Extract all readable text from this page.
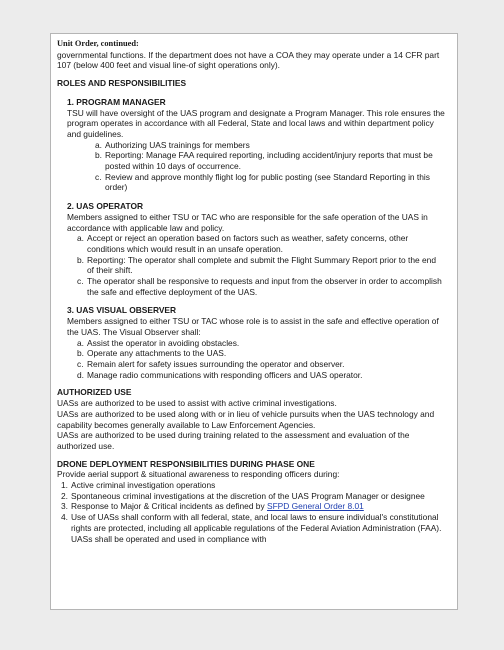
Unit Order, continued:

governmental functions. If the department does not have a COA they may operate under a 14 CFR part 107 (below 400 feet and visual line-of sight operations only).

ROLES AND RESPONSIBILITIES

1. PROGRAM MANAGER

TSU will have oversight of the UAS program and designate a Program Manager. This role ensures the program operates in accordance with all Federal, State and local laws and within department policy and guidelines.

a. Authorizing UAS trainings for members
b. Reporting: Manage FAA required reporting, including accident/injury reports that must be posted within 10 days of occurrence.
c. Review and approve monthly flight log for public posting (see Standard Reporting in this order)

2. UAS OPERATOR

Members assigned to either TSU or TAC who are responsible for the safe operation of the UAS in accordance with applicable law and policy.

a. Accept or reject an operation based on factors such as weather, safety concerns, other conditions which would result in an unsafe operation.
b. Reporting: The operator shall complete and submit the Flight Summary Report prior to the end of their shift.
c. The operator shall be responsive to requests and input from the observer in order to accomplish the safe and effective deployment of the UAS.

3. UAS VISUAL OBSERVER

Members assigned to either TSU or TAC whose role is to assist in the safe and effective operation of the UAS. The Visual Observer shall:

a. Assist the operator in avoiding obstacles.
b. Operate any attachments to the UAS.
c. Remain alert for safety issues surrounding the operator and observer.
d. Manage radio communications with responding officers and UAS operator.

AUTHORIZED USE

UASs are authorized to be used to assist with active criminal investigations.

UASs are authorized to be used along with or in lieu of vehicle pursuits when the UAS technology and capability becomes generally available to Law Enforcement Agencies.

UASs are authorized to be used during training related to the assessment and evaluation of the authorized use.

DRONE DEPLOYMENT RESPONSIBILITIES DURING PHASE ONE

Provide aerial support & situational awareness to responding officers during:

1. Active criminal investigation operations
2. Spontaneous criminal investigations at the discretion of the UAS Program Manager or designee
3. Response to Major & Critical incidents as defined by SFPD General Order 8.01
4. Use of UASs shall conform with all federal, state, and local laws to ensure individual's constitutional rights are protected, including all applicable regulations of the Federal Aviation Administration (FAA). UASs shall be operated and used in compliance with
